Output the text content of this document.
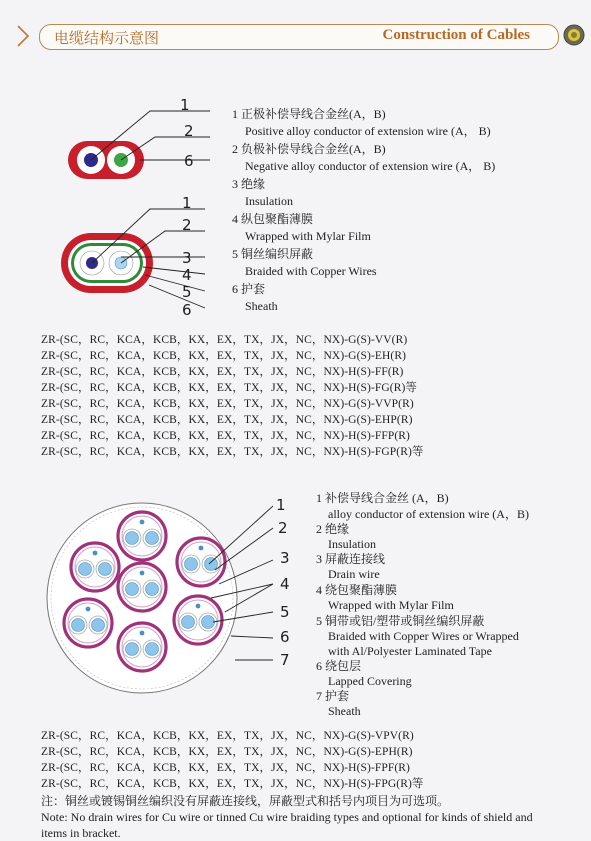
电缆结构示意图	Construction of Cables
1
2
6
1 正极补偿导线合金丝(A，B)
Positive alloy conductor of extension wire (A， B)
2 负极补偿导线合金丝(A，B)
Negative alloy conductor of extension wire (A， B)
3 绝缘
Insulation
4 纵包聚酯薄膜
Wrapped with Mylar Film
5 铜丝编织屏蔽
Braided with Copper Wires
6 护套
Sheath
1
2
3
4
5
6
ZR-(SC，RC，KCA，KCB，KX，EX，TX，JX，NC，NX)-G(S)-VV(R)
ZR-(SC，RC，KCA，KCB，KX，EX，TX，JX，NC，NX)-G(S)-EH(R)
ZR-(SC，RC，KCA，KCB，KX，EX，TX，JX，NC，NX)-H(S)-FF(R)
ZR-(SC，RC，KCA，KCB，KX，EX，TX，JX，NC，NX)-H(S)-FG(R)等
ZR-(SC，RC，KCA，KCB，KX，EX，TX，JX，NC，NX)-G(S)-VVP(R)
ZR-(SC，RC，KCA，KCB，KX，EX，TX，JX，NC，NX)-G(S)-EHP(R)
ZR-(SC，RC，KCA，KCB，KX，EX，TX，JX，NC，NX)-H(S)-FFP(R)
ZR-(SC，RC，KCA，KCB，KX，EX，TX，JX，NC，NX)-H(S)-FGP(R)等
1
2
3
4
5
6
7
1 补偿导线合金丝 (A，B)
alloy conductor of extension wire (A，B)
2 绝缘
Insulation
3 屏蔽连接线
Drain wire
4 绕包聚酯薄膜
Wrapped with Mylar Film
5 铜带或铝/塑带或铜丝编织屏蔽
Braided with Copper Wires or Wrapped
with Al/Polyester Laminated Tape
6 绕包层
Lapped Covering
7 护套
Sheath
ZR-(SC，RC，KCA，KCB，KX，EX，TX，JX，NC，NX)-G(S)-VPV(R)
ZR-(SC，RC，KCA，KCB，KX，EX，TX，JX，NC，NX)-G(S)-EPH(R)
ZR-(SC，RC，KCA，KCB，KX，EX，TX，JX，NC，NX)-H(S)-FPF(R)
ZR-(SC，RC，KCA，KCB，KX，EX，TX，JX，NC，NX)-H(S)-FPG(R)等
注：铜丝或镀锡铜丝编织没有屏蔽连接线，屏蔽型式和括号内项目为可选项。
Note: No drain wires for Cu wire or tinned Cu wire braiding types and optional for kinds of shield and items in bracket.
